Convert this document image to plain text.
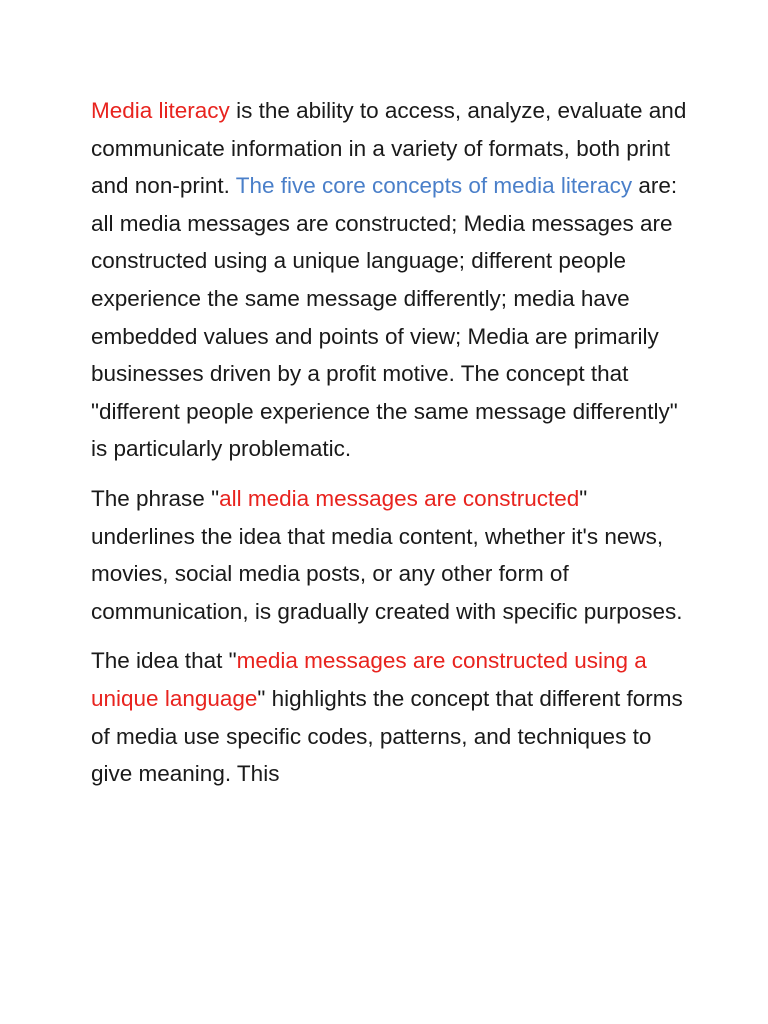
Media literacy is the ability to access, analyze, evaluate and communicate information in a variety of formats, both print and non-print. The five core concepts of media literacy are: all media messages are constructed; Media messages are constructed using a unique language; different people experience the same message differently; media have embedded values and points of view; Media are primarily businesses driven by a profit motive. The concept that "different people experience the same message differently" is particularly problematic.

The phrase "all media messages are constructed" underlines the idea that media content, whether it's news, movies, social media posts, or any other form of communication, is gradually created with specific purposes.

The idea that "media messages are constructed using a unique language" highlights the concept that different forms of media use specific codes, patterns, and techniques to give meaning. This
